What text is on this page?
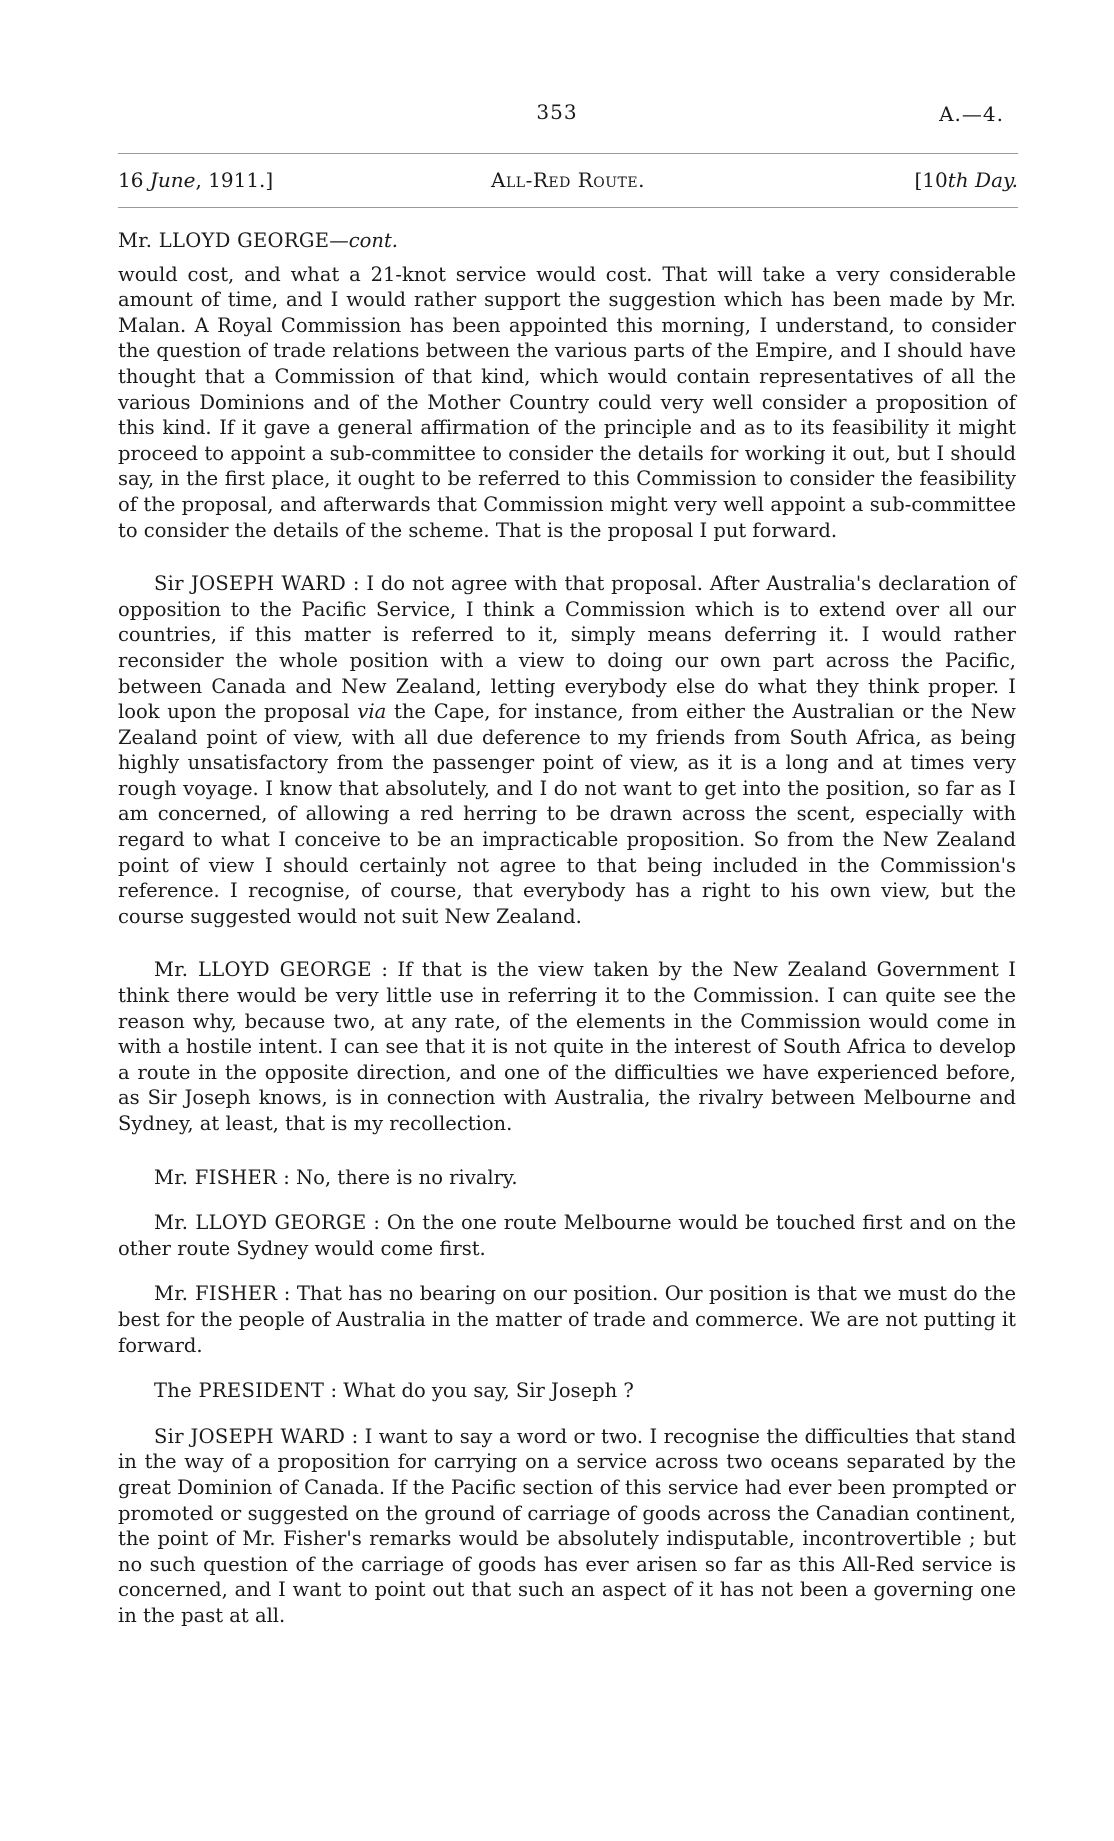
353	A.—4.
16 June, 1911.]	All-Red Route.	[10th Day.

Mr. LLOYD GEORGE—cont.

would cost, and what a 21-knot service would cost. That will take a very considerable amount of time, and I would rather support the suggestion which has been made by Mr. Malan. A Royal Commission has been appointed this morning, I understand, to consider the question of trade relations between the various parts of the Empire, and I should have thought that a Commission of that kind, which would contain representatives of all the various Dominions and of the Mother Country could very well consider a proposition of this kind. If it gave a general affirmation of the principle and as to its feasibility it might proceed to appoint a sub-committee to consider the details for working it out, but I should say, in the first place, it ought to be referred to this Commission to consider the feasibility of the proposal, and afterwards that Commission might very well appoint a sub-committee to consider the details of the scheme. That is the proposal I put forward.

Sir JOSEPH WARD : I do not agree with that proposal. After Australia's declaration of opposition to the Pacific Service, I think a Commission which is to extend over all our countries, if this matter is referred to it, simply means deferring it. I would rather reconsider the whole position with a view to doing our own part across the Pacific, between Canada and New Zealand, letting everybody else do what they think proper. I look upon the proposal via the Cape, for instance, from either the Australian or the New Zealand point of view, with all due deference to my friends from South Africa, as being highly unsatisfactory from the passenger point of view, as it is a long and at times very rough voyage. I know that absolutely, and I do not want to get into the position, so far as I am concerned, of allowing a red herring to be drawn across the scent, especially with regard to what I conceive to be an impracticable proposition. So from the New Zealand point of view I should certainly not agree to that being included in the Commission's reference. I recognise, of course, that everybody has a right to his own view, but the course suggested would not suit New Zealand.

Mr. LLOYD GEORGE : If that is the view taken by the New Zealand Government I think there would be very little use in referring it to the Commission. I can quite see the reason why, because two, at any rate, of the elements in the Commission would come in with a hostile intent. I can see that it is not quite in the interest of South Africa to develop a route in the opposite direction, and one of the difficulties we have experienced before, as Sir Joseph knows, is in connection with Australia, the rivalry between Melbourne and Sydney, at least, that is my recollection.

Mr. FISHER : No, there is no rivalry.

Mr. LLOYD GEORGE : On the one route Melbourne would be touched first and on the other route Sydney would come first.

Mr. FISHER : That has no bearing on our position. Our position is that we must do the best for the people of Australia in the matter of trade and commerce. We are not putting it forward.

The PRESIDENT : What do you say, Sir Joseph ?

Sir JOSEPH WARD : I want to say a word or two. I recognise the difficulties that stand in the way of a proposition for carrying on a service across two oceans separated by the great Dominion of Canada. If the Pacific section of this service had ever been prompted or promoted or suggested on the ground of carriage of goods across the Canadian continent, the point of Mr. Fisher's remarks would be absolutely indisputable, incontrovertible ; but no such question of the carriage of goods has ever arisen so far as this All-Red service is concerned, and I want to point out that such an aspect of it has not been a governing one in the past at all.
